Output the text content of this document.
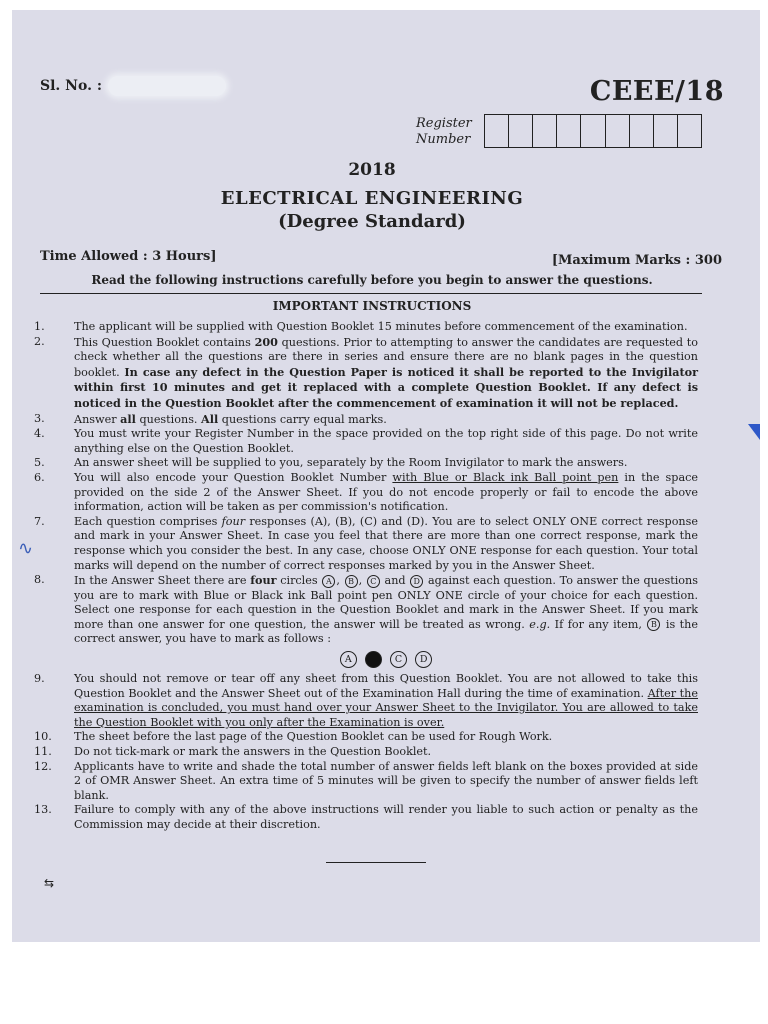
Sl. No. :	CEEE/18
Register
Number
2018
ELECTRICAL ENGINEERING
(Degree Standard)
Time Allowed : 3 Hours]	[Maximum Marks : 300
Read the following instructions carefully before you begin to answer the questions.
IMPORTANT INSTRUCTIONS
1.	The applicant will be supplied with Question Booklet 15 minutes before commencement of the examination.
2.	This Question Booklet contains 200 questions. Prior to attempting to answer the candidates are requested to check whether all the questions are there in series and ensure there are no blank pages in the question booklet. In case any defect in the Question Paper is noticed it shall be reported to the Invigilator within first 10 minutes and get it replaced with a complete Question Booklet. If any defect is noticed in the Question Booklet after the commencement of examination it will not be replaced.
3.	Answer all questions. All questions carry equal marks.
4.	You must write your Register Number in the space provided on the top right side of this page. Do not write anything else on the Question Booklet.
5.	An answer sheet will be supplied to you, separately by the Room Invigilator to mark the answers.
6.	You will also encode your Question Booklet Number with Blue or Black ink Ball point pen in the space provided on the side 2 of the Answer Sheet. If you do not encode properly or fail to encode the above information, action will be taken as per commission's notification.
7.	Each question comprises four responses (A), (B), (C) and (D). You are to select ONLY ONE correct response and mark in your Answer Sheet. In case you feel that there are more than one correct response, mark the response which you consider the best. In any case, choose ONLY ONE response for each question. Your total marks will depend on the number of correct responses marked by you in the Answer Sheet.
8.	In the Answer Sheet there are four circles A , B , C and D against each question. To answer the questions you are to mark with Blue or Black ink Ball point pen ONLY ONE circle of your choice for each question. Select one response for each question in the Question Booklet and mark in the Answer Sheet. If you mark more than one answer for one question, the answer will be treated as wrong. e.g. If for any item, B is the correct answer, you have to mark as follows :
A	C D
9.	You should not remove or tear off any sheet from this Question Booklet. You are not allowed to take this Question Booklet and the Answer Sheet out of the Examination Hall during the time of examination. After the examination is concluded, you must hand over your Answer Sheet to the Invigilator. You are allowed to take the Question Booklet with you only after the Examination is over.
10.	The sheet before the last page of the Question Booklet can be used for Rough Work.
11.	Do not tick-mark or mark the answers in the Question Booklet.
12.	Applicants have to write and shade the total number of answer fields left blank on the boxes provided at side 2 of OMR Answer Sheet. An extra time of 5 minutes will be given to specify the number of answer fields left blank.
13.	Failure to comply with any of the above instructions will render you liable to such action or penalty as the Commission may decide at their discretion.
⇆
∿
